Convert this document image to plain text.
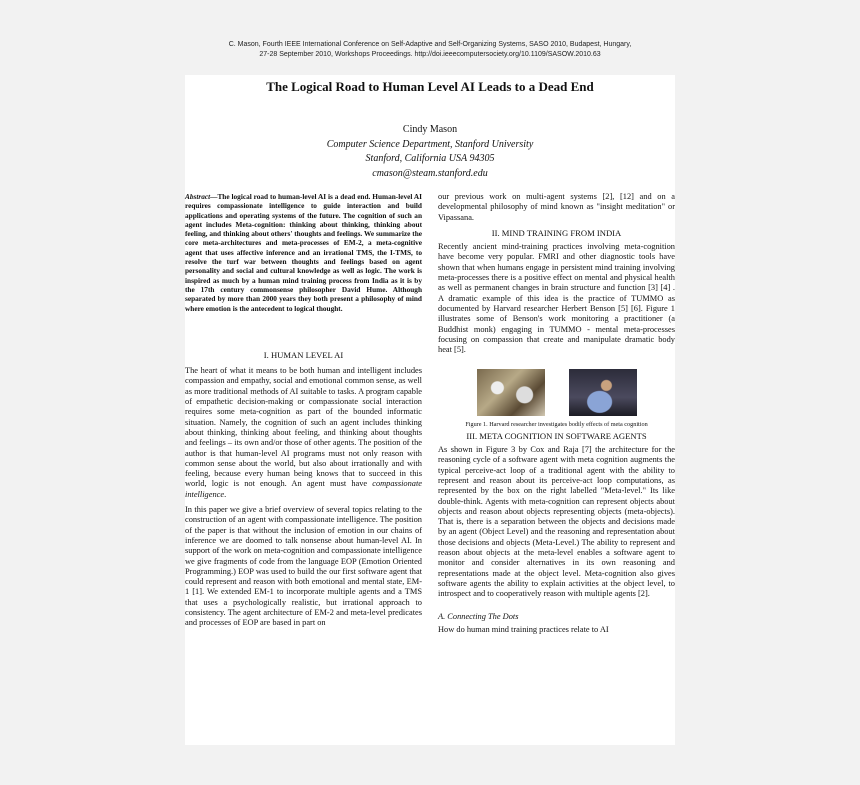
C. Mason, Fourth IEEE International Conference on Self-Adaptive and Self-Organizing Systems, SASO 2010, Budapest, Hungary,
27-28 September 2010, Workshops Proceedings. http://doi.ieeecomputersociety.org/10.1109/SASOW.2010.63
The Logical Road to Human Level AI Leads to a Dead End
Cindy Mason
Computer Science Department, Stanford University
Stanford, California USA 94305
cmason@steam.stanford.edu

Abstract—The logical road to human-level AI is a dead end. Human-level AI requires compassionate intelligence to guide interaction and build applications and operating systems of the future. The cognition of such an agent includes Meta-cognition: thinking about thinking, thinking about feeling, and thinking about others' thoughts and feelings. We summarize the core meta-architectures and meta-processes of EM-2, a meta-cognitive agent that uses affective inference and an irrational TMS, the I-TMS, to resolve the turf war between thoughts and feelings based on agent personality and social and cultural knowledge as well as logic. The work is inspired as much by a human mind training process from India as it is by the 17th century commonsense philosopher David Hume. Although separated by more than 2000 years they both present a philosophy of mind where emotion is the antecedent to logical thought.

I. HUMAN LEVEL AI

The heart of what it means to be both human and intelligent includes compassion and empathy, social and emotional common sense, as well as more traditional methods of AI suitable to tasks. A program capable of empathetic decision-making or compassionate social interaction requires some meta-cognition as part of the bounded informatic situation. Namely, the cognition of such an agent includes thinking about thinking, thinking about feeling, and thinking about thoughts and feelings – its own and/or those of other agents. The position of the author is that human-level AI programs must not only reason with common sense about the world, but also about irrationally and with feeling, because every human being knows that to succeed in this world, logic is not enough. An agent must have compassionate intelligence.

In this paper we give a brief overview of several topics relating to the construction of an agent with compassionate intelligence. The position of the paper is that without the inclusion of emotion in our chains of inference we are doomed to talk nonsense about human-level AI. In support of the work on meta-cognition and compassionate intelligence we give fragments of code from the language EOP (Emotion Oriented Programming.) EOP was used to build the our first software agent that could represent and reason with both emotional and mental state, EM-1 [1]. We extended EM-1 to incorporate multiple agents and a TMS that uses a psychologically realistic, but irrational approach to consistency. The agent architecture of EM-2 and meta-level predicates and processes of EOP are based in part on

our previous work on multi-agent systems [2], [12] and on a developmental philosophy of mind known as "insight meditation" or Vipassana.

II. MIND TRAINING FROM INDIA

Recently ancient mind-training practices involving meta-cognition have become very popular. FMRI and other diagnostic tools have shown that when humans engage in persistent mind training involving meta-processes there is a positive effect on mental and physical health as well as permanent changes in brain structure and function [3] [4] . A dramatic example of this idea is the practice of TUMMO as documented by Harvard researcher Herbert Benson [5] [6]. Figure 1 illustrates some of Benson's work monitoring a practitioner (a Buddhist monk) engaging in TUMMO - mental meta-processes focusing on compassion that create and manipulate dramatic body heat [5].

Figure 1. Harvard researcher investigates bodily effects of meta cognition

III. META COGNITION IN SOFTWARE AGENTS

As shown in Figure 3 by Cox and Raja [7] the architecture for the reasoning cycle of a software agent with meta cognition augments the typical perceive-act loop of a traditional agent with the ability to represent and reason about its perceive-act loop computations, as represented by the box on the right labelled "Meta-level." Its like double-think. Agents with meta-cognition can represent objects about objects and reason about objects representing objects (meta-objects). That is, there is a separation between the objects and decisions made by an agent (Object Level) and the reasoning and representation about those decisions and objects (Meta-Level.) The ability to represent and reason about objects at the meta-level enables a software agent to monitor and consider alternatives in its own reasoning and representations made at the object level. Meta-cognition also gives software agents the ability to explain activities at the object level, to introspect and to cooperatively reason with multiple agents [2].

A. Connecting The Dots

How do human mind training practices relate to AI
